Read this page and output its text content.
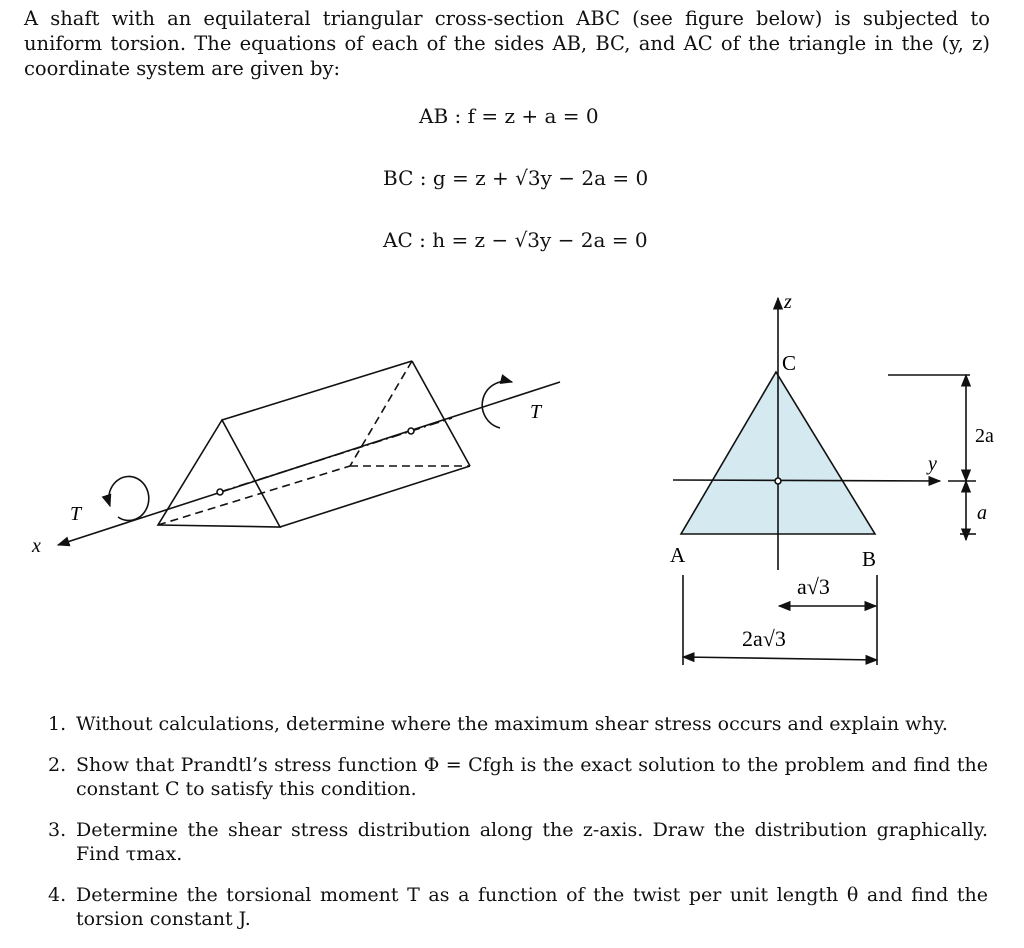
A shaft with an equilateral triangular cross-section ABC (see figure below) is subjected to uniform torsion. The equations of each of the sides AB, BC, and AC of the triangle in the (y, z) coordinate system are given by:

AB : f = z + a = 0
BC : g = z + √3y − 2a = 0
AC : h = z − √3y − 2a = 0
T
T
x
C
A	B
z
y
2a
a
a√3
2a√3
1. Without calculations, determine where the maximum shear stress occurs and explain why.
2. Show that Prandtl’s stress function Φ = Cfgh is the exact solution to the problem and find the constant C to satisfy this condition.
3. Determine the shear stress distribution along the z-axis. Draw the distribution graphically. Find τmax.
4. Determine the torsional moment T as a function of the twist per unit length θ and find the torsion constant J.
